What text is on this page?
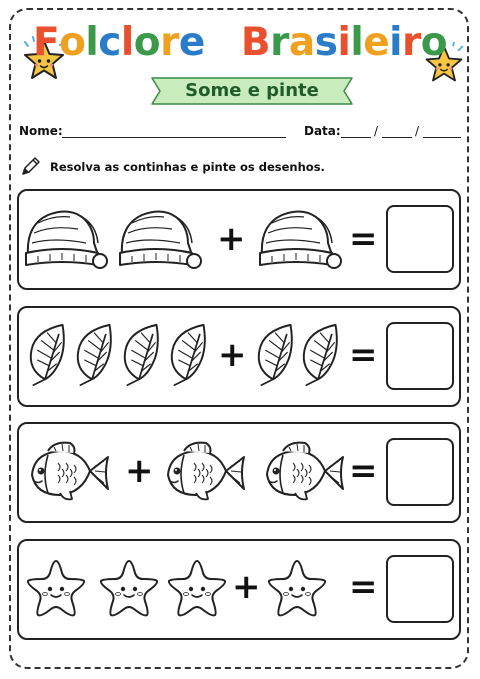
Folclore Brasileiro
Some e pinte
Nome:	Data:	/	/
Resolva as continhas e pinte os desenhos.
+	=
+	=
+	=
+	=
